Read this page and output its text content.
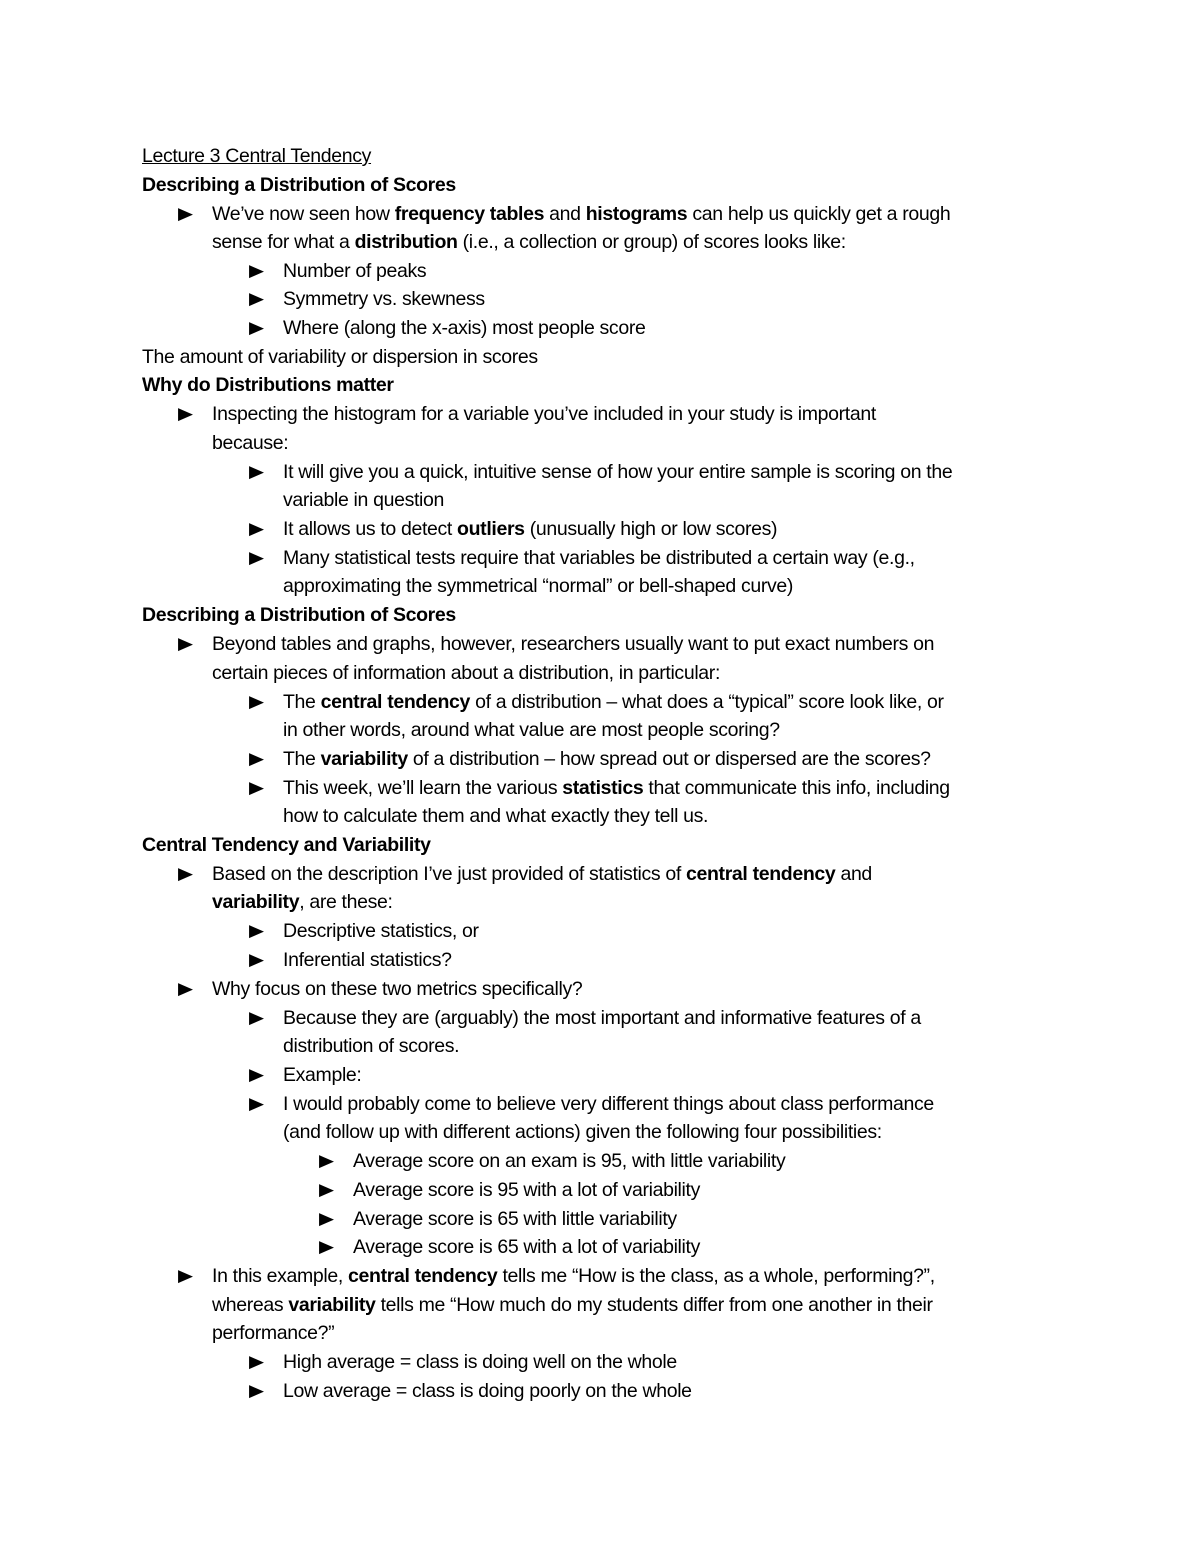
Lecture 3 Central Tendency
Describing a Distribution of Scores
▶ We’ve now seen how frequency tables and histograms can help us quickly get a rough
sense for what a distribution (i.e., a collection or group) of scores looks like:
▶ Number of peaks
▶ Symmetry vs. skewness
▶ Where (along the x-axis) most people score
The amount of variability or dispersion in scores
Why do Distributions matter
▶ Inspecting the histogram for a variable you’ve included in your study is important
because:
▶ It will give you a quick, intuitive sense of how your entire sample is scoring on the
variable in question
▶ It allows us to detect outliers (unusually high or low scores)
▶ Many statistical tests require that variables be distributed a certain way (e.g.,
approximating the symmetrical “normal” or bell-shaped curve)
Describing a Distribution of Scores
▶ Beyond tables and graphs, however, researchers usually want to put exact numbers on
certain pieces of information about a distribution, in particular:
▶ The central tendency of a distribution – what does a “typical” score look like, or
in other words, around what value are most people scoring?
▶ The variability of a distribution – how spread out or dispersed are the scores?
▶ This week, we’ll learn the various statistics that communicate this info, including
how to calculate them and what exactly they tell us.
Central Tendency and Variability
▶ Based on the description I’ve just provided of statistics of central tendency and
variability, are these:
▶ Descriptive statistics, or
▶ Inferential statistics?
▶ Why focus on these two metrics specifically?
▶ Because they are (arguably) the most important and informative features of a
distribution of scores.
▶ Example:
▶ I would probably come to believe very different things about class performance
(and follow up with different actions) given the following four possibilities:
▶ Average score on an exam is 95, with little variability
▶ Average score is 95 with a lot of variability
▶ Average score is 65 with little variability
▶ Average score is 65 with a lot of variability
▶ In this example, central tendency tells me “How is the class, as a whole, performing?”,
whereas variability tells me “How much do my students differ from one another in their
performance?”
▶ High average = class is doing well on the whole
▶ Low average = class is doing poorly on the whole
